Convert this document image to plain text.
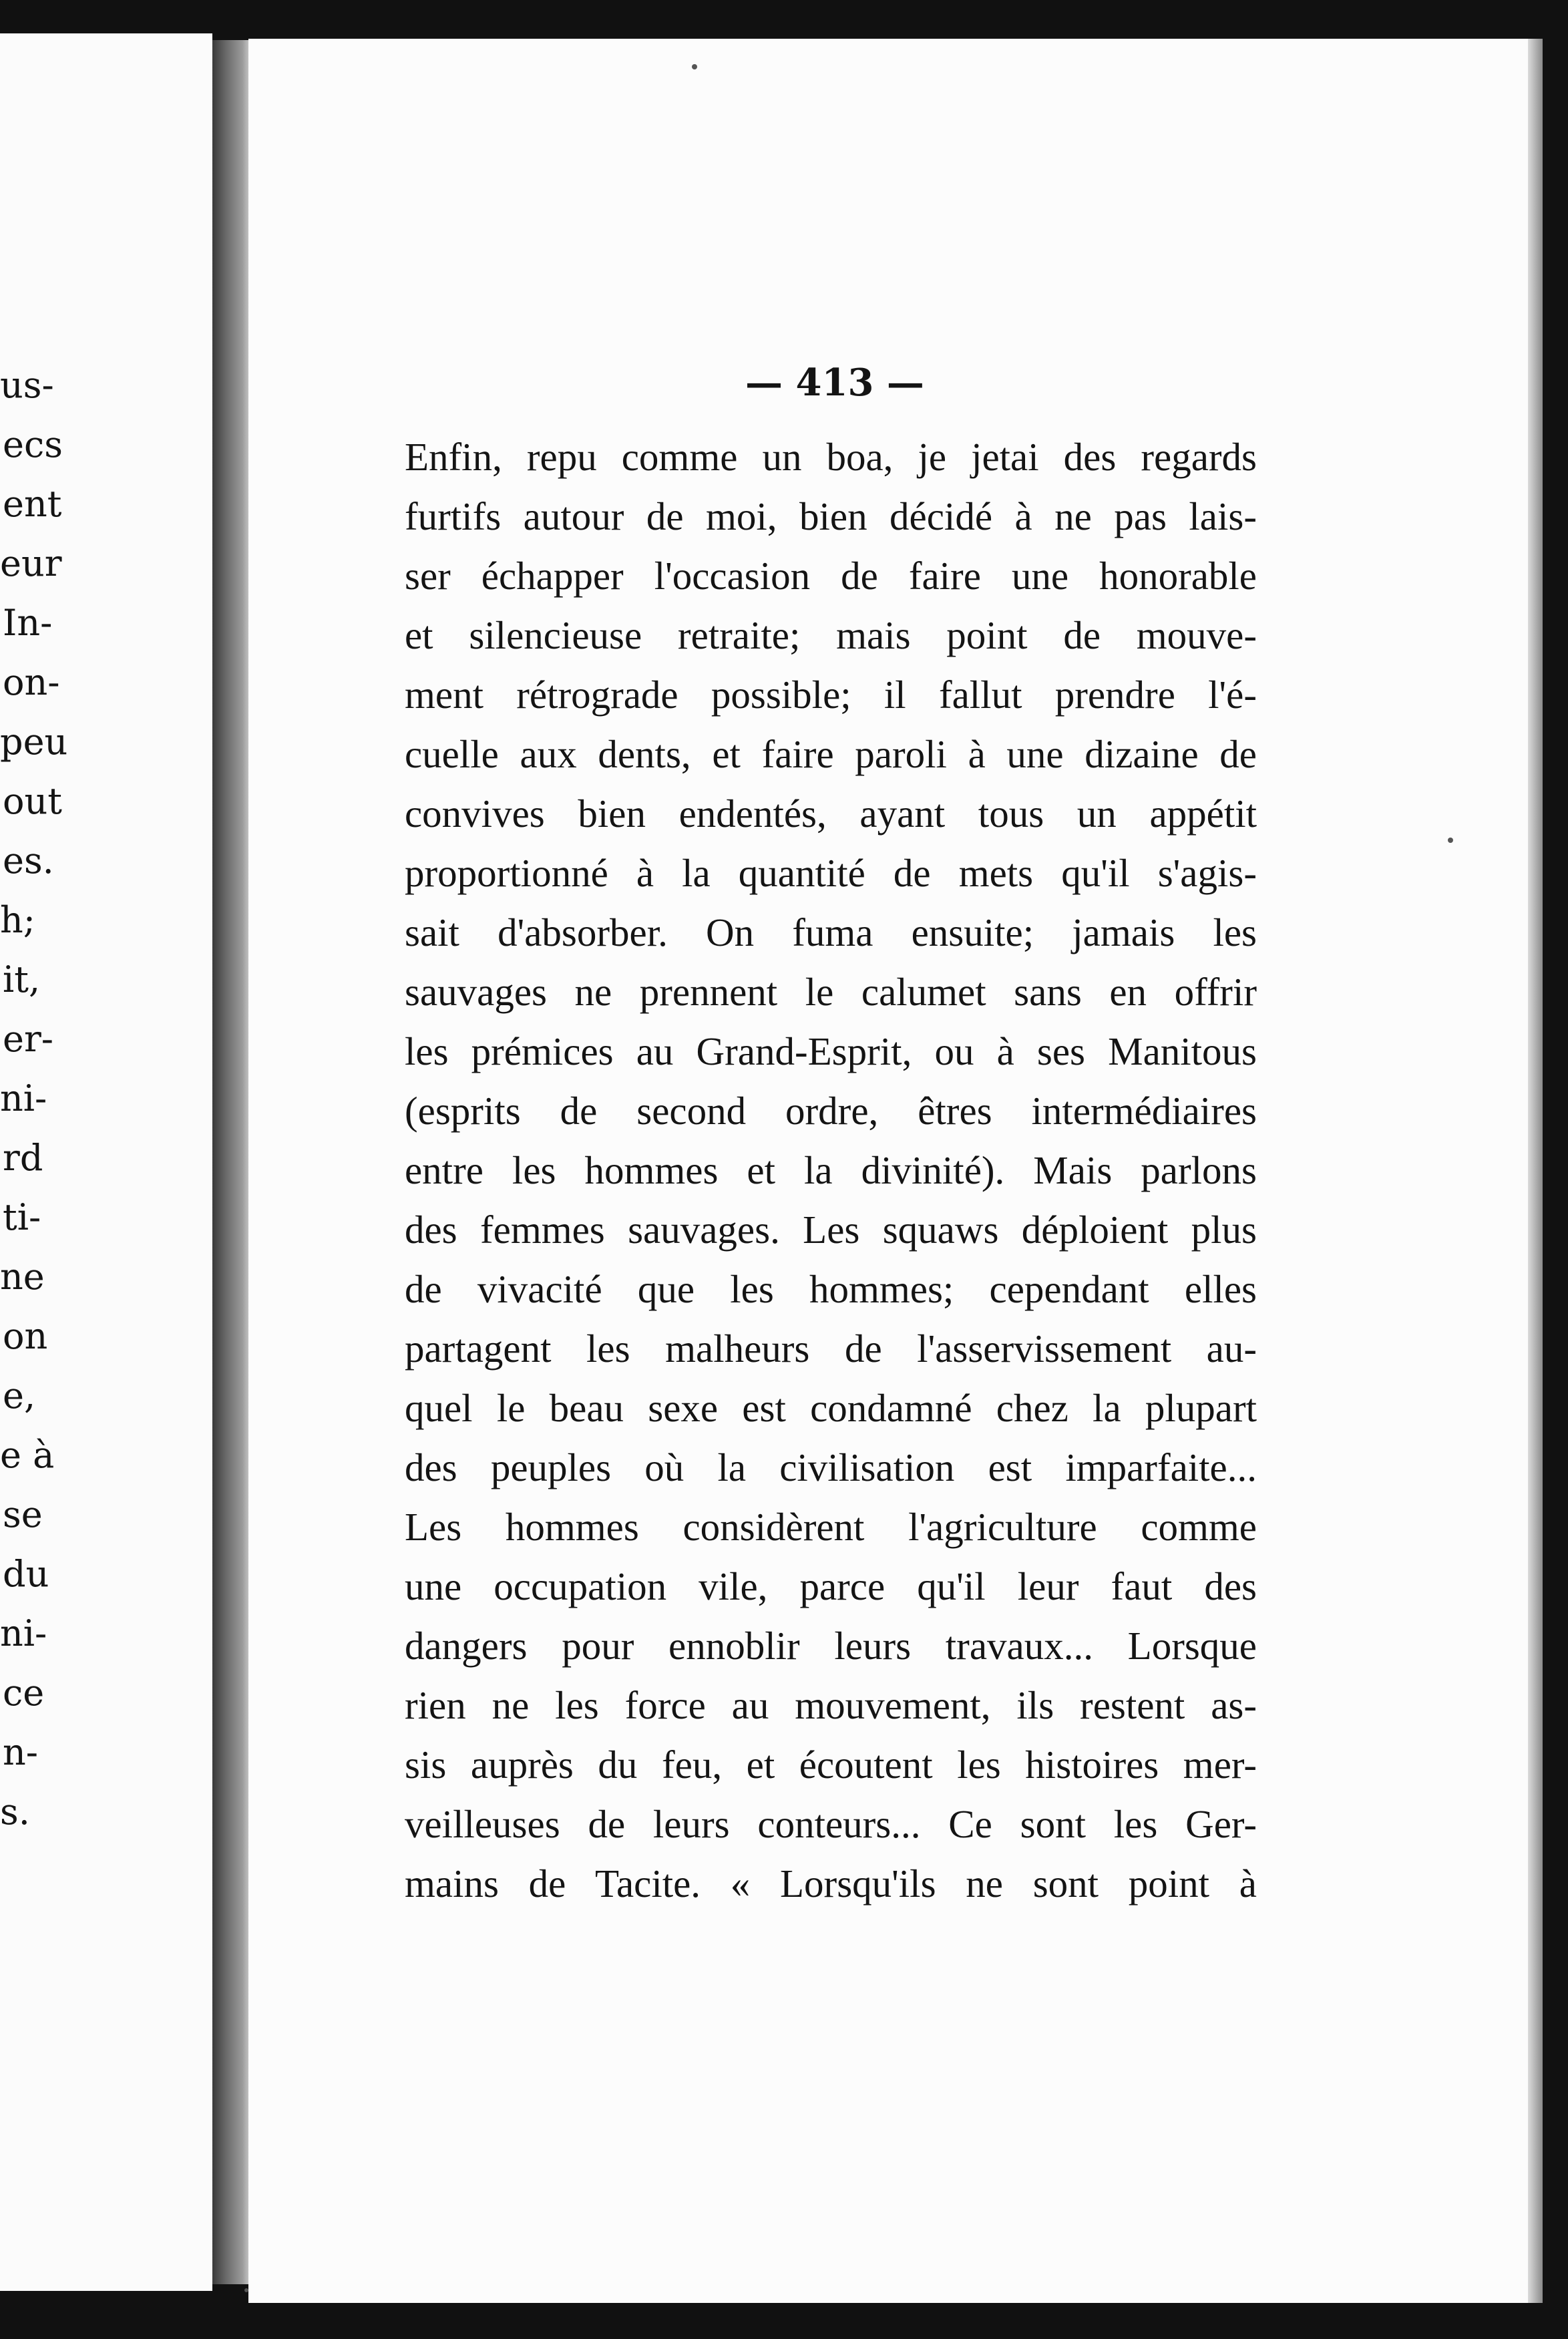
us-
ecs
ent
eur
In-
on-
peu
out
es.
h;
it,
er-
ni-
rd
ti-
ne
on
e,
e à
se
du
ni-
ce
n-
s.
— 413 —
Enfin, repu comme un boa, je jetai des regards
furtifs autour de moi, bien décidé à ne pas lais-
ser échapper l'occasion de faire une honorable
et silencieuse retraite; mais point de mouve-
ment rétrograde possible; il fallut prendre l'é-
cuelle aux dents, et faire paroli à une dizaine de
convives bien endentés, ayant tous un appétit
proportionné à la quantité de mets qu'il s'agis-
sait d'absorber. On fuma ensuite; jamais les
sauvages ne prennent le calumet sans en offrir
les prémices au Grand-Esprit, ou à ses Manitous
(esprits de second ordre, êtres intermédiaires
entre les hommes et la divinité). Mais parlons
des femmes sauvages. Les squaws déploient plus
de vivacité que les hommes; cependant elles
partagent les malheurs de l'asservissement au-
quel le beau sexe est condamné chez la plupart
des peuples où la civilisation est imparfaite...
Les hommes considèrent l'agriculture comme
une occupation vile, parce qu'il leur faut des
dangers pour ennoblir leurs travaux... Lorsque
rien ne les force au mouvement, ils restent as-
sis auprès du feu, et écoutent les histoires mer-
veilleuses de leurs conteurs... Ce sont les Ger-
mains de Tacite. « Lorsqu'ils ne sont point à
